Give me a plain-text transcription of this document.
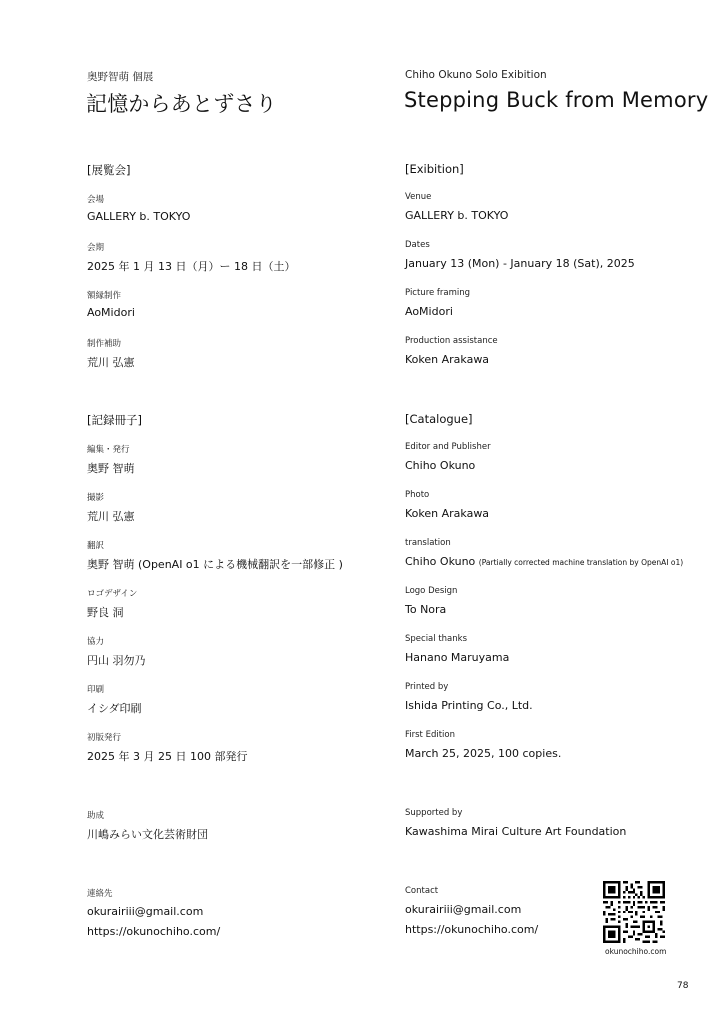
奥野智萌 個展
記憶からあとずさり
Chiho Okuno Solo Exibition
Stepping Buck from Memory
[展覧会]	[Exibition]
会場
GALLERY b. TOKYO
Venue
GALLERY b. TOKYO
会期
2025 年 1 月 13 日（月）ー 18 日（土）
Dates
January 13 (Mon) - January 18 (Sat), 2025
額縁制作
AoMidori
Picture framing
AoMidori
制作補助
荒川 弘憲
Production assistance
Koken Arakawa
[記録冊子]	[Catalogue]
編集・発行
奥野 智萌
Editor and Publisher
Chiho Okuno
撮影
荒川 弘憲
Photo
Koken Arakawa
翻訳
奥野 智萌 (OpenAI o1 による機械翻訳を一部修正 )
translation
Chiho Okuno (Partially corrected machine translation by OpenAI o1)
ロゴデザイン
野良 洞
Logo Design
To Nora
協力
円山 羽勿乃
Special thanks
Hanano Maruyama
印刷
イシダ印刷
Printed by
Ishida Printing Co., Ltd.
初版発行
2025 年 3 月 25 日 100 部発行
First Edition
March 25, 2025, 100 copies.
助成
川嶋みらい文化芸術財団
Supported by
Kawashima Mirai Culture Art Foundation
連絡先
okurairiii@gmail.com
https://okunochiho.com/
Contact
okurairiii@gmail.com
https://okunochiho.com/
okunochiho.com
78
